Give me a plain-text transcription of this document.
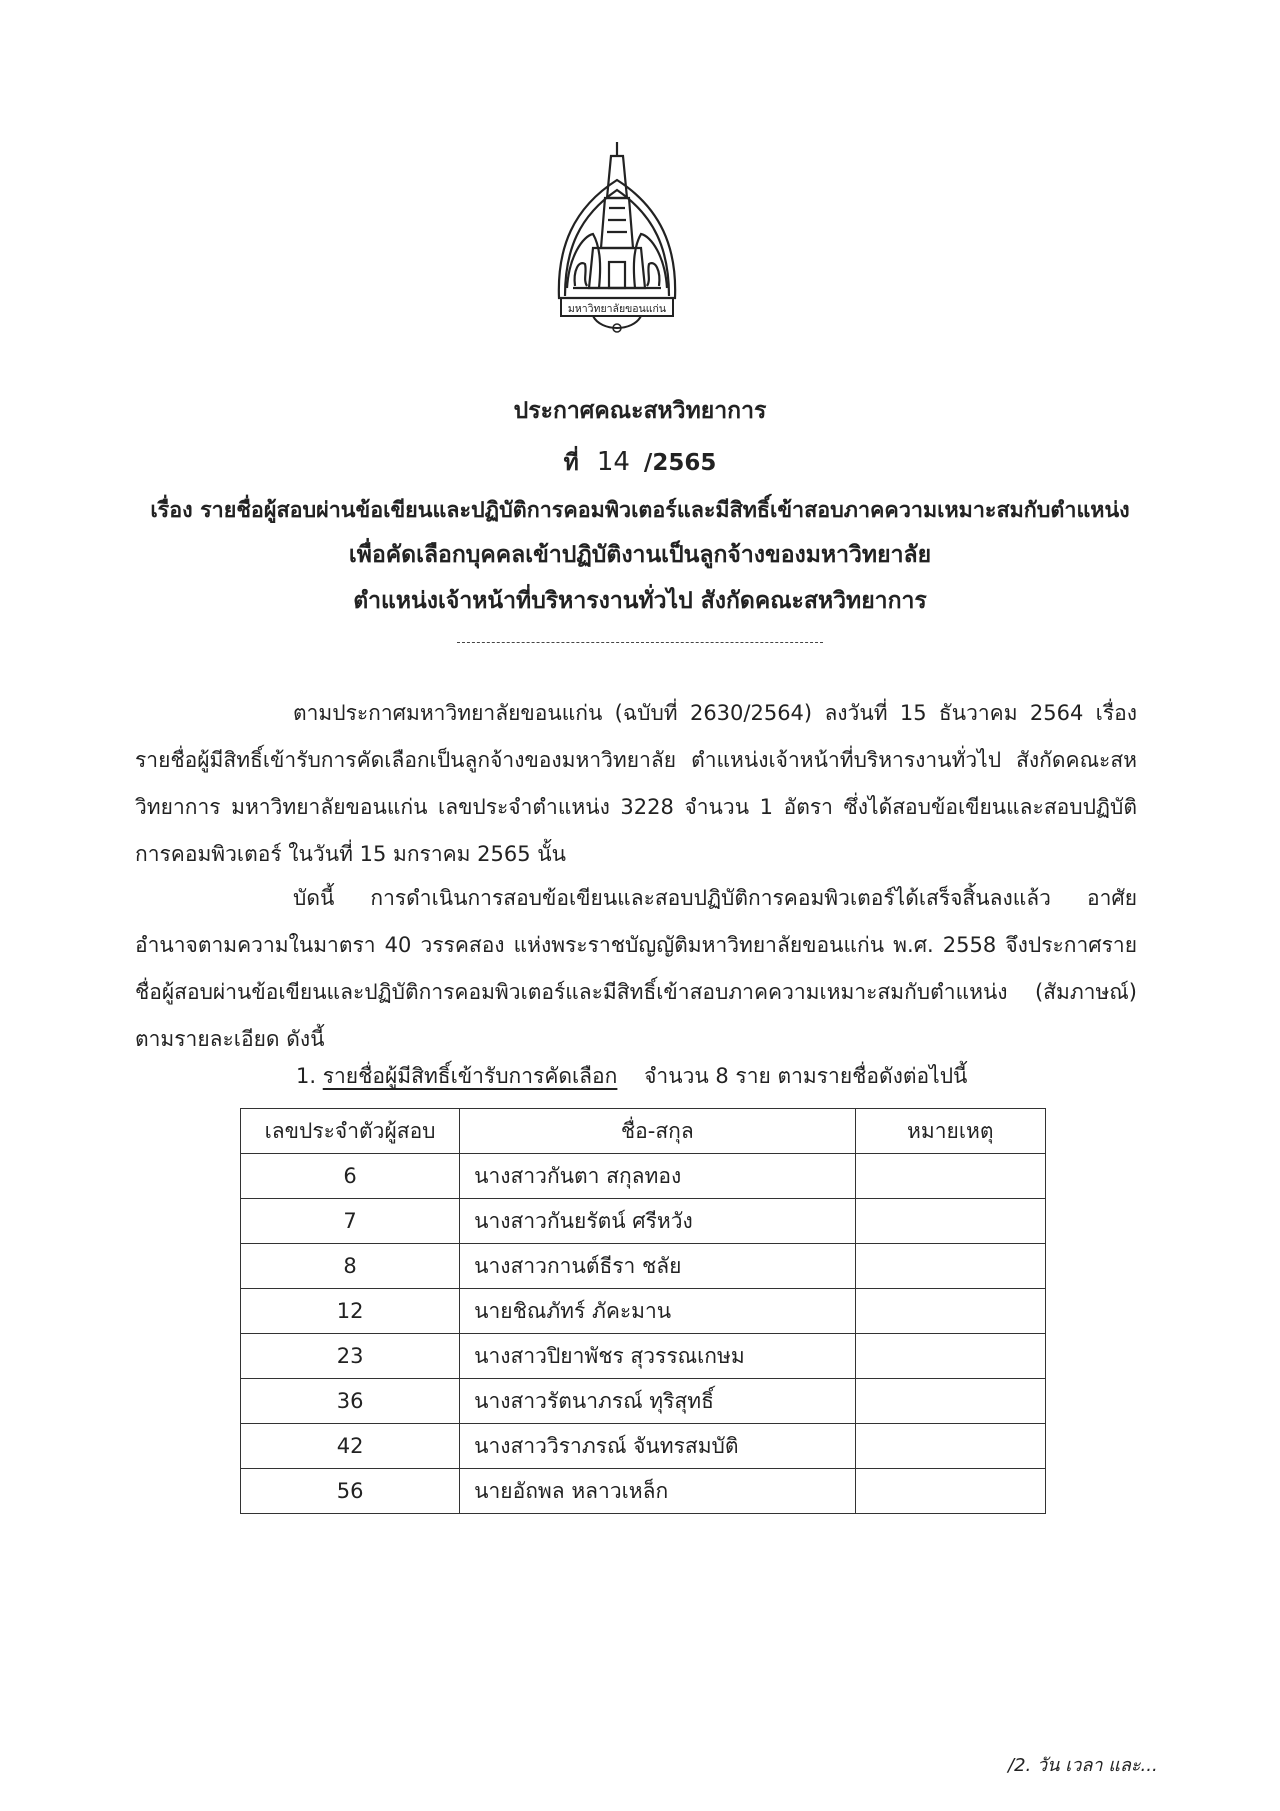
มหาวิทยาลัยขอนแก่น
ประกาศคณะสหวิทยาการ
ที่ 14 /2565
เรื่อง รายชื่อผู้สอบผ่านข้อเขียนและปฏิบัติการคอมพิวเตอร์และมีสิทธิ์เข้าสอบภาคความเหมาะสมกับตำแหน่ง
เพื่อคัดเลือกบุคคลเข้าปฏิบัติงานเป็นลูกจ้างของมหาวิทยาลัย
ตำแหน่งเจ้าหน้าที่บริหารงานทั่วไป สังกัดคณะสหวิทยาการ
ตามประกาศมหาวิทยาลัยขอนแก่น (ฉบับที่ 2630/2564) ลงวันที่ 15 ธันวาคม 2564 เรื่อง รายชื่อผู้มีสิทธิ์เข้ารับการคัดเลือกเป็นลูกจ้างของมหาวิทยาลัย ตำแหน่งเจ้าหน้าที่บริหารงานทั่วไป สังกัดคณะสหวิทยาการ มหาวิทยาลัยขอนแก่น เลขประจำตำแหน่ง 3228 จำนวน 1 อัตรา ซึ่งได้สอบข้อเขียนและสอบปฏิบัติการคอมพิวเตอร์ ในวันที่ 15 มกราคม 2565 นั้น
บัดนี้ การดำเนินการสอบข้อเขียนและสอบปฏิบัติการคอมพิวเตอร์ได้เสร็จสิ้นลงแล้ว อาศัยอำนาจตามความในมาตรา 40 วรรคสอง แห่งพระราชบัญญัติมหาวิทยาลัยขอนแก่น พ.ศ. 2558 จึงประกาศรายชื่อผู้สอบผ่านข้อเขียนและปฏิบัติการคอมพิวเตอร์และมีสิทธิ์เข้าสอบภาคความเหมาะสมกับตำแหน่ง (สัมภาษณ์) ตามรายละเอียด ดังนี้
1. รายชื่อผู้มีสิทธิ์เข้ารับการคัดเลือก จำนวน 8 ราย ตามรายชื่อดังต่อไปนี้
เลขประจำตัวผู้สอบ	ชื่อ-สกุล	หมายเหตุ
6	นางสาวกันตา สกุลทอง	
7	นางสาวกันยรัตน์ ศรีหวัง	
8	นางสาวกานต์ธีรา ชลัย	
12	นายชิณภัทร์ ภัคะมาน	
23	นางสาวปิยาพัชร สุวรรณเกษม	
36	นางสาวรัตนาภรณ์ ทุริสุทธิ์	
42	นางสาววิราภรณ์ จันทรสมบัติ	
56	นายอัถพล หลาวเหล็ก	
/2. วัน เวลา และ...
